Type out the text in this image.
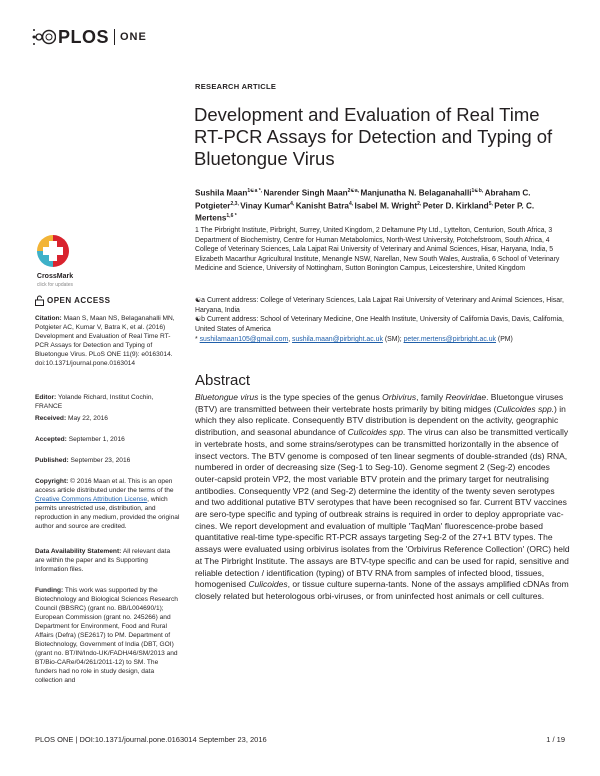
PLOS ONE
CrossMark
click for updates
OPEN ACCESS
Citation: Maan S, Maan NS, Belaganahalli MN, Potgieter AC, Kumar V, Batra K, et al. (2016) Development and Evaluation of Real Time RT-PCR Assays for Detection and Typing of Bluetongue Virus. PLoS ONE 11(9): e0163014. doi:10.1371/journal.pone.0163014
Editor: Yolande Richard, Institut Cochin, FRANCE
Received: May 22, 2016
Accepted: September 1, 2016
Published: September 23, 2016
Copyright: © 2016 Maan et al. This is an open access article distributed under the terms of the Creative Commons Attribution License, which permits unrestricted use, distribution, and reproduction in any medium, provided the original author and source are credited.
Data Availability Statement: All relevant data are within the paper and its Supporting Information files.
Funding: This work was supported by the Biotechnology and Biological Sciences Research Council (BBSRC) (grant no. BB/L004690/1); European Commission (grant no. 245266) and Department for Environment, Food and Rural Affairs (Defra) (SE2617) to PM. Department of Biotechnology, Government of India (DBT, GOI) (grant no. BT/IN/Indo-UK/FADH/46/SM/2013 and BT/Bio-CARe/04/261/2011-12) to SM. The funders had no role in study design, data collection and
RESEARCH ARTICLE
Development and Evaluation of Real Time RT-PCR Assays for Detection and Typing of Bluetongue Virus
Sushila Maan$^{1☯a *,}$ Narender Singh Maan$^{2☯a,}$ Manjunatha N. Belaganahalli$^{1☯b,}$ Abraham C. Potgieter$^{2,3,}$ Vinay Kumar$^{4,}$ Kanisht Batra$^{4,}$ Isabel M. Wright$^{2,}$ Peter D. Kirkland$^{5,}$ Peter P. C. Mertens$^{1,6 *}$
1 The Pirbright Institute, Pirbright, Surrey, United Kingdom, 2 Deltamune Pty Ltd., Lyttelton, Centurion, South Africa, 3 Department of Biochemistry, Centre for Human Metabolomics, North-West University, Potchefstroom, South Africa, 4 College of Veterinary Sciences, Lala Lajpat Rai University of Veterinary and Animal Sciences, Hisar, Haryana, India, 5 Elizabeth Macarthur Agricultural Institute, Menangle NSW, Narellan, New South Wales, Australia, 6 School of Veterinary Medicine and Science, University of Nottingham, Sutton Bonington Campus, Leicestershire, United Kingdom
☯a Current address: College of Veterinary Sciences, Lala Lajpat Rai University of Veterinary and Animal Sciences, Hisar, Haryana, India
☯b Current address: School of Veterinary Medicine, One Health Institute, University of California Davis, Davis, California, United States of America
* sushilamaan105@gmail.com, sushila.maan@pirbright.ac.uk (SM); peter.mertens@pirbright.ac.uk (PM)
Abstract

Bluetongue virus is the type species of the genus Orbivirus, family Reoviridae. Bluetongue viruses (BTV) are transmitted between their vertebrate hosts primarily by biting midges (Culicoides spp.) in which they also replicate. Consequently BTV distribution is dependent on the activity, geographic distribution, and seasonal abundance of Culicoides spp. The virus can also be transmitted vertically in vertebrate hosts, and some strains/serotypes can be transmitted horizontally in the absence of insect vectors. The BTV genome is composed of ten linear segments of double-stranded (ds) RNA, numbered in order of decreasing size (Seg-1 to Seg-10). Genome segment 2 (Seg-2) encodes outer-capsid protein VP2, the most variable BTV protein and the primary target for neutralising antibodies. Consequently VP2 (and Seg-2) determine the identity of the twenty seven serotypes and two additional putative BTV serotypes that have been recognised so far. Current BTV vaccines are sero-type specific and typing of outbreak strains is required in order to deploy appropriate vac-cines. We report development and evaluation of multiple 'TaqMan' fluorescence-probe based quantitative real-time type-specific RT-PCR assays targeting Seg-2 of the 27+1 BTV types. The assays were evaluated using orbivirus isolates from the 'Orbivirus Reference Collection' (ORC) held at The Pirbright Institute. The assays are BTV-type specific and can be used for rapid, sensitive and reliable detection / identification (typing) of BTV RNA from samples of infected blood, tissues, homogenised Culicoides, or tissue culture superna-tants. None of the assays amplified cDNAs from closely related but heterologous orbi-viruses, or from uninfected host animals or cell cultures.

PLOS ONE | DOI:10.1371/journal.pone.0163014 September 23, 2016	1 / 19
